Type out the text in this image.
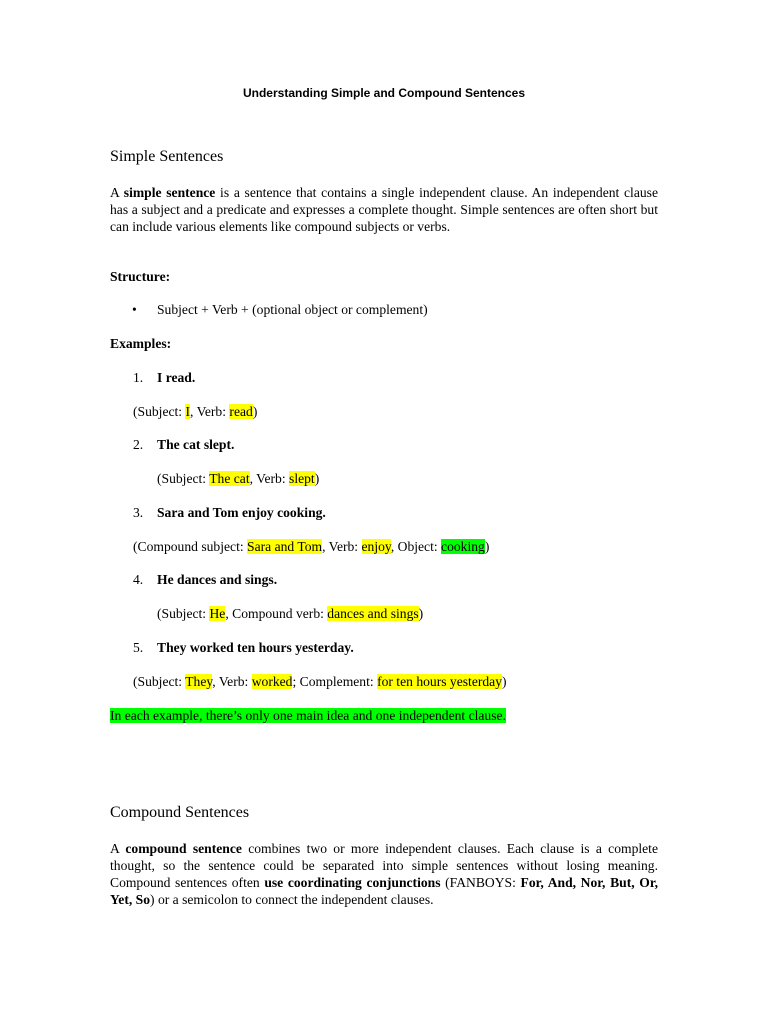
Understanding Simple and Compound Sentences
Simple Sentences

A simple sentence is a sentence that contains a single independent clause. An independent clause has a subject and a predicate and expresses a complete thought. Simple sentences are often short but can include various elements like compound subjects or verbs.

Structure:
• Subject + Verb + (optional object or complement)
Examples:
1. I read.
(Subject: I, Verb: read)
2. The cat slept.
(Subject: The cat, Verb: slept)
3. Sara and Tom enjoy cooking.
(Compound subject: Sara and Tom, Verb: enjoy, Object: cooking)
4. He dances and sings.
(Subject: He, Compound verb: dances and sings)
5. They worked ten hours yesterday.
(Subject: They, Verb: worked; Complement: for ten hours yesterday)
In each example, there’s only one main idea and one independent clause.
Compound Sentences

A compound sentence combines two or more independent clauses. Each clause is a complete thought, so the sentence could be separated into simple sentences without losing meaning. Compound sentences often use coordinating conjunctions (FANBOYS: For, And, Nor, But, Or, Yet, So) or a semicolon to connect the independent clauses.
